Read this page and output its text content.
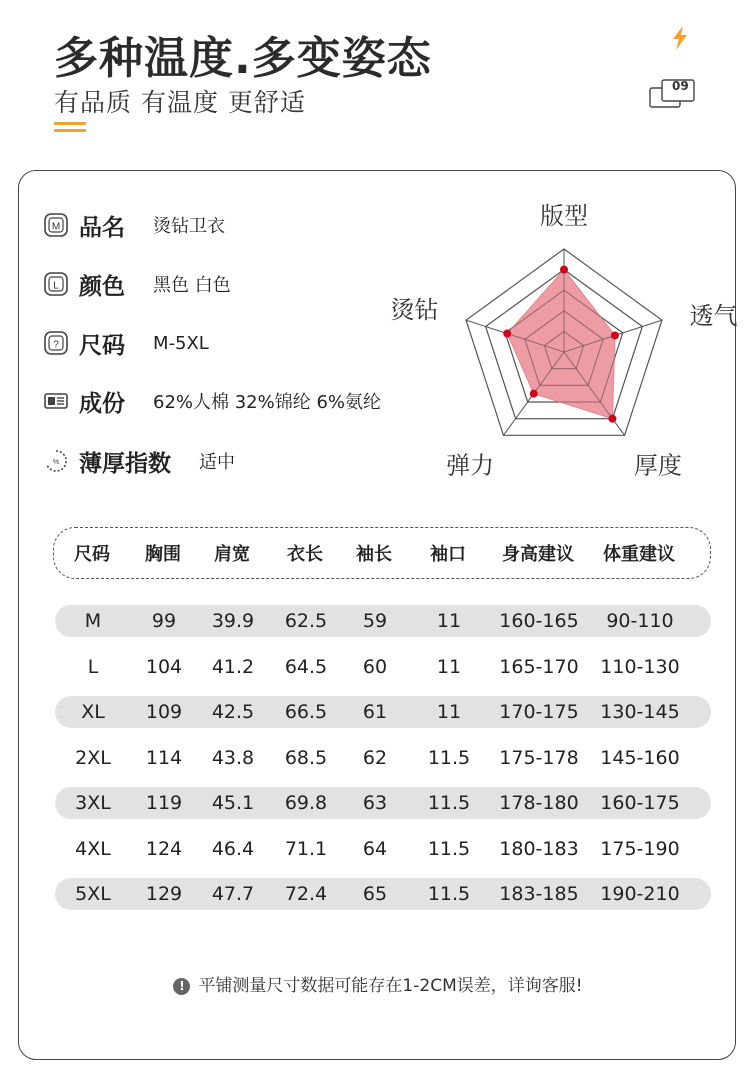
多种温度.多变姿态
有品质 有温度 更舒适
09
M 品名	烫钻卫衣
L 颜色	黑色 白色
? 尺码	M-5XL
成份	62%人棉 32%锦纶 6%氨纶
% 薄厚指数	适中
版型
透气
厚度
弹力
烫钻
尺码	胸围	肩宽	衣长	袖长	袖口	身高建议	体重建议
M	99	39.9	62.5	59	11	160-165	90-110
L	104	41.2	64.5	60	11	165-170	110-130
XL	109	42.5	66.5	61	11	170-175	130-145
2XL	114	43.8	68.5	62	11.5	175-178	145-160
3XL	119	45.1	69.8	63	11.5	178-180	160-175
4XL	124	46.4	71.1	64	11.5	180-183	175-190
5XL	129	47.7	72.4	65	11.5	183-185	190-210
! 平铺测量尺寸数据可能存在1-2CM误差，详询客服!
